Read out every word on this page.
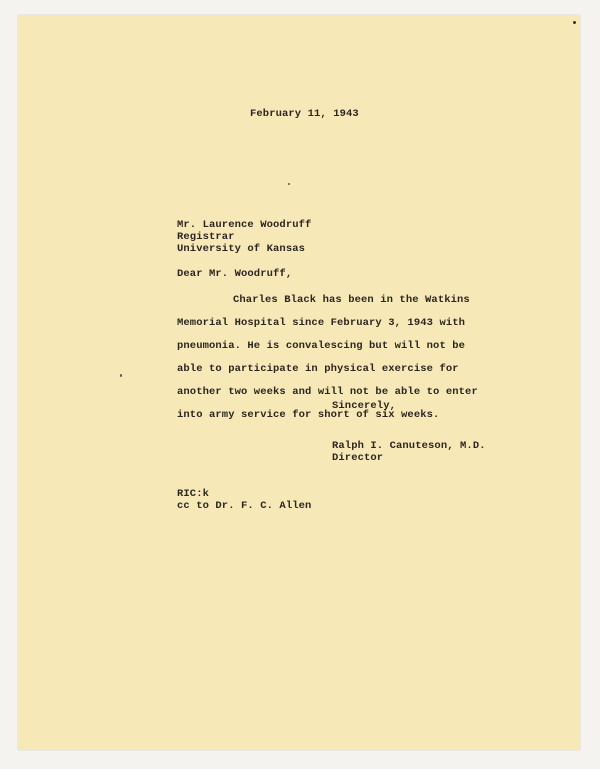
February 11, 1943
Mr. Laurence Woodruff
Registrar
University of Kansas
Dear Mr. Woodruff,
Charles Black has been in the Watkins
Memorial Hospital since February 3, 1943 with
pneumonia. He is convalescing but will not be
able to participate in physical exercise for
another two weeks and will not be able to enter
into army service for short of six weeks.
Sincerely,
Ralph I. Canuteson, M.D.
Director
RIC:k
cc to Dr. F. C. Allen
